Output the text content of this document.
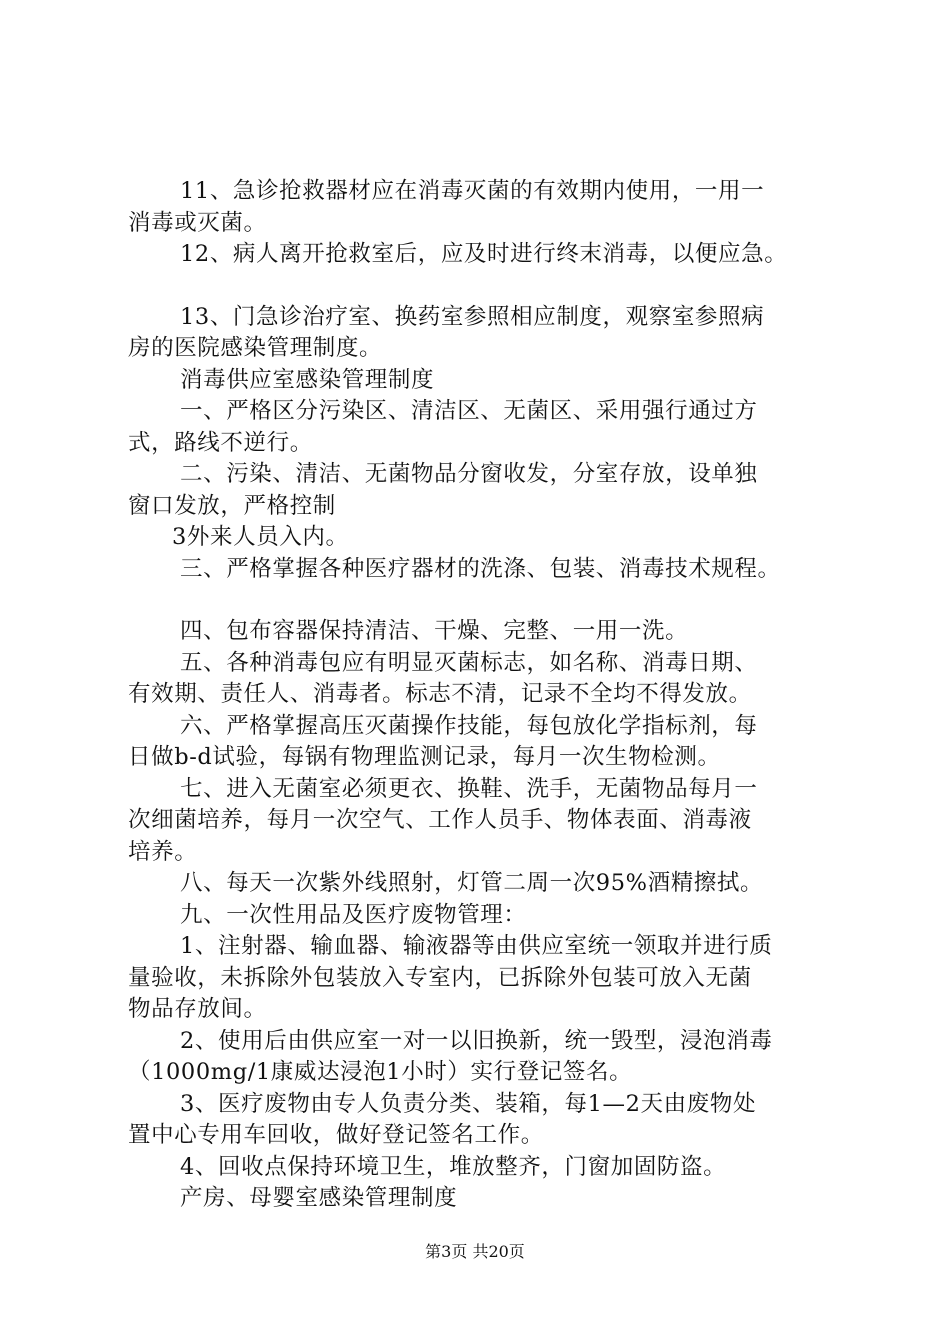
11、急诊抢救器材应在消毒灭菌的有效期内使用，一用一
消毒或灭菌。
12、病人离开抢救室后，应及时进行终末消毒，以便应急。
13、门急诊治疗室、换药室参照相应制度，观察室参照病
房的医院感染管理制度。
消毒供应室感染管理制度
一、严格区分污染区、清洁区、无菌区、采用强行通过方
式，路线不逆行。
二、污染、清洁、无菌物品分窗收发，分室存放，设单独
窗口发放，严格控制
3外来人员入内。
三、严格掌握各种医疗器材的洗涤、包装、消毒技术规程。
四、包布容器保持清洁、干燥、完整、一用一洗。
五、各种消毒包应有明显灭菌标志，如名称、消毒日期、
有效期、责任人、消毒者。标志不清，记录不全均不得发放。
六、严格掌握高压灭菌操作技能，每包放化学指标剂，每
日做b-d试验，每锅有物理监测记录，每月一次生物检测。
七、进入无菌室必须更衣、换鞋、洗手，无菌物品每月一
次细菌培养，每月一次空气、工作人员手、物体表面、消毒液
培养。
八、每天一次紫外线照射，灯管二周一次95%酒精擦拭。
九、一次性用品及医疗废物管理：
1、注射器、输血器、输液器等由供应室统一领取并进行质
量验收，未拆除外包装放入专室内，已拆除外包装可放入无菌
物品存放间。
2、使用后由供应室一对一以旧换新，统一毁型，浸泡消毒
（1000mg/1康威达浸泡1小时）实行登记签名。
3、医疗废物由专人负责分类、装箱，每1—2天由废物处
置中心专用车回收，做好登记签名工作。
4、回收点保持环境卫生，堆放整齐，门窗加固防盗。
产房、母婴室感染管理制度
第3页 共20页
